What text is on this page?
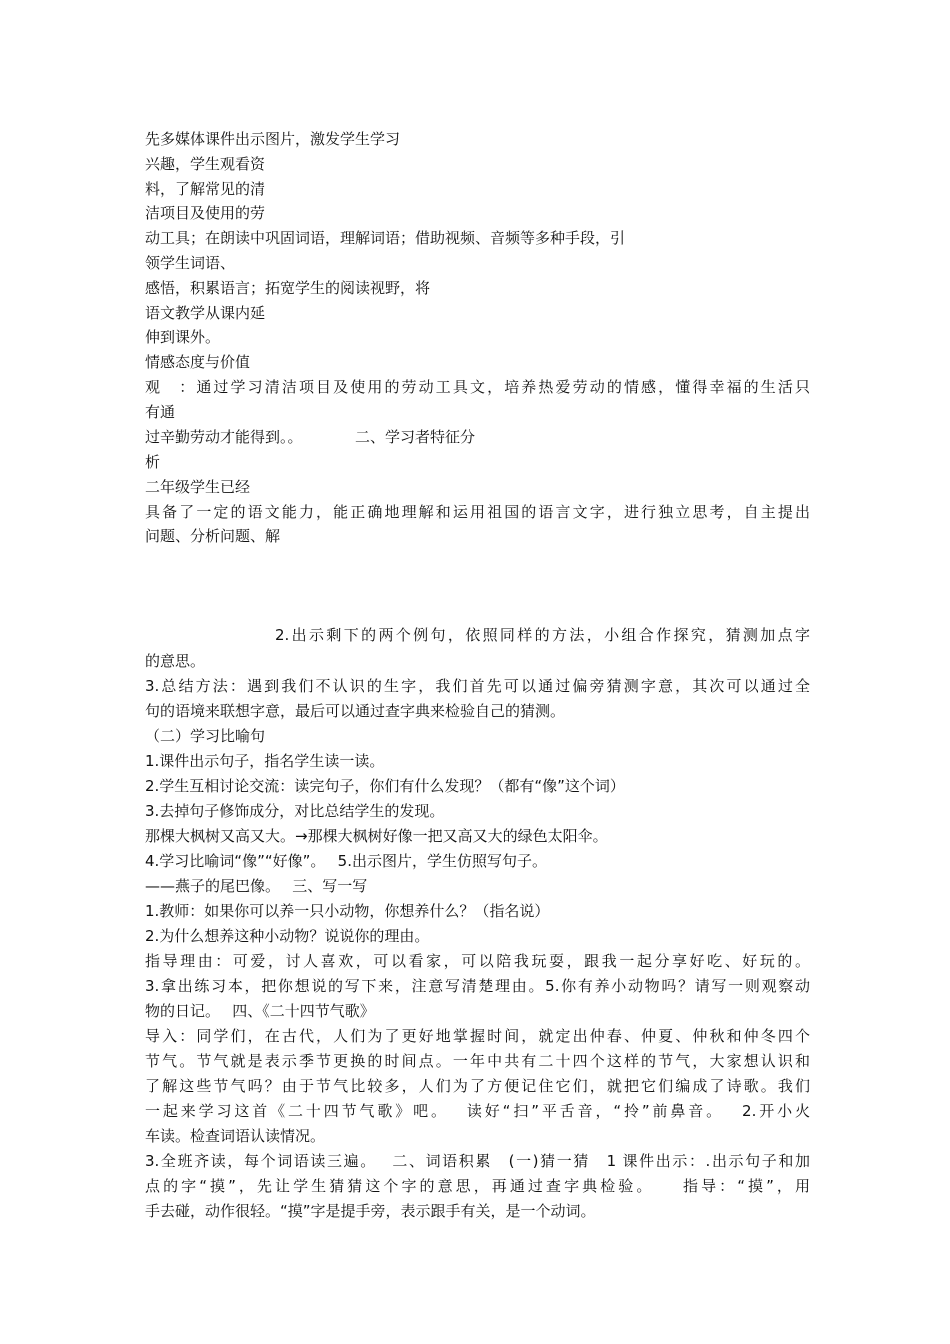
先多媒体课件出示图片，激发学生学习
兴趣，学生观看资
料，了解常见的清
洁项目及使用的劳
动工具；在朗读中巩固词语，理解词语；借助视频、音频等多种手段，引
领学生词语、
感悟，积累语言；拓宽学生的阅读视野，将
语文教学从课内延
伸到课外。
情感态度与价值
观　：通过学习清洁项目及使用的劳动工具文，培养热爱劳动的情感，懂得幸福的生活只
有通
过辛勤劳动才能得到。。　　　　二、学习者特征分
析
二年级学生已经
具备了一定的语文能力，能正确地理解和运用祖国的语言文字，进行独立思考，自主提出
问题、分析问题、解
2.出示剩下的两个例句，依照同样的方法，小组合作探究，猜测加点字
的意思。
3.总结方法：遇到我们不认识的生字，我们首先可以通过偏旁猜测字意，其次可以通过全
句的语境来联想字意，最后可以通过查字典来检验自己的猜测。
（二）学习比喻句
1.课件出示句子，指名学生读一读。
2.学生互相讨论交流：读完句子，你们有什么发现？（都有“像”这个词）
3.去掉句子修饰成分，对比总结学生的发现。
那棵大枫树又高又大。→那棵大枫树好像一把又高又大的绿色太阳伞。
4.学习比喻词“像”“好像”。　 5.出示图片，学生仿照写句子。
——燕子的尾巴像。　 三、写一写
1.教师：如果你可以养一只小动物，你想养什么？（指名说）
2.为什么想养这种小动物？说说你的理由。
指导理由：可爱，讨人喜欢，可以看家，可以陪我玩耍，跟我一起分享好吃、好玩的。
3.拿出练习本，把你想说的写下来，注意写清楚理由。5.你有养小动物吗？请写一则观察动
物的日记。　 四、《二十四节气歌》
导入：同学们，在古代，人们为了更好地掌握时间，就定出仲春、仲夏、仲秋和仲冬四个
节气。节气就是表示季节更换的时间点。一年中共有二十四个这样的节气，大家想认识和
了解这些节气吗？由于节气比较多，人们为了方便记住它们，就把它们编成了诗歌。我们
一起来学习这首《二十四节气歌》吧。　 读好“扫”平舌音，“拎”前鼻音。　 2.开小火
车读。检查词语认读情况。
3.全班齐读，每个词语读三遍。　 二、词语积累　(一)猜一猜　1 课件出示：.出示句子和加
点的字“摸”，先让学生猜猜这个字的意思，再通过查字典检验。　　指导：“摸”，用
手去碰，动作很轻。“摸”字是提手旁，表示跟手有关，是一个动词。
